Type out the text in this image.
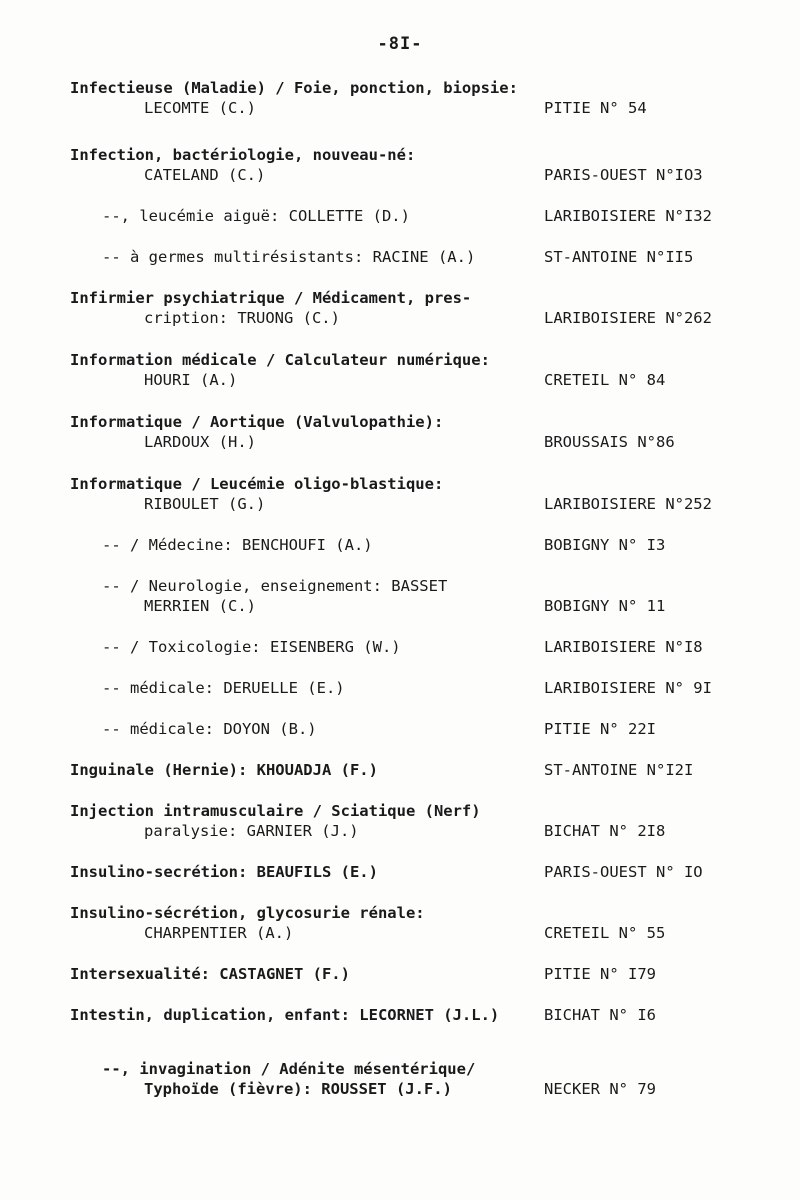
-8I-
Infectieuse (Maladie) / Foie, ponction, biopsie:
LECOMTE (C.)	PITIE N° 54
Infection, bactériologie, nouveau-né:
CATELAND (C.)	PARIS-OUEST N°IO3
--, leucémie aiguë: COLLETTE (D.)	LARIBOISIERE N°I32
-- à germes multirésistants: RACINE (A.)	ST-ANTOINE N°II5
Infirmier psychiatrique / Médicament, pres-
cription: TRUONG (C.)	LARIBOISIERE N°262
Information médicale / Calculateur numérique:
HOURI (A.)	CRETEIL N° 84
Informatique / Aortique (Valvulopathie):
LARDOUX (H.)	BROUSSAIS N°86
Informatique / Leucémie oligo-blastique:
RIBOULET (G.)	LARIBOISIERE N°252
-- / Médecine: BENCHOUFI (A.)	BOBIGNY N° I3
-- / Neurologie, enseignement: BASSET
MERRIEN (C.)	BOBIGNY N° 11
-- / Toxicologie: EISENBERG (W.)	LARIBOISIERE N°I8
-- médicale: DERUELLE (E.)	LARIBOISIERE N° 9I
-- médicale: DOYON (B.)	PITIE N° 22I
Inguinale (Hernie): KHOUADJA (F.)	ST-ANTOINE N°I2I
Injection intramusculaire / Sciatique (Nerf)
paralysie: GARNIER (J.)	BICHAT N° 2I8
Insulino-secrétion: BEAUFILS (E.)	PARIS-OUEST N° IO
Insulino-sécrétion, glycosurie rénale:
CHARPENTIER (A.)	CRETEIL N° 55
Intersexualité: CASTAGNET (F.)	PITIE N° I79
Intestin, duplication, enfant: LECORNET (J.L.)	BICHAT N° I6
--, invagination / Adénite mésentérique/
Typhoïde (fièvre): ROUSSET (J.F.)	NECKER N° 79
